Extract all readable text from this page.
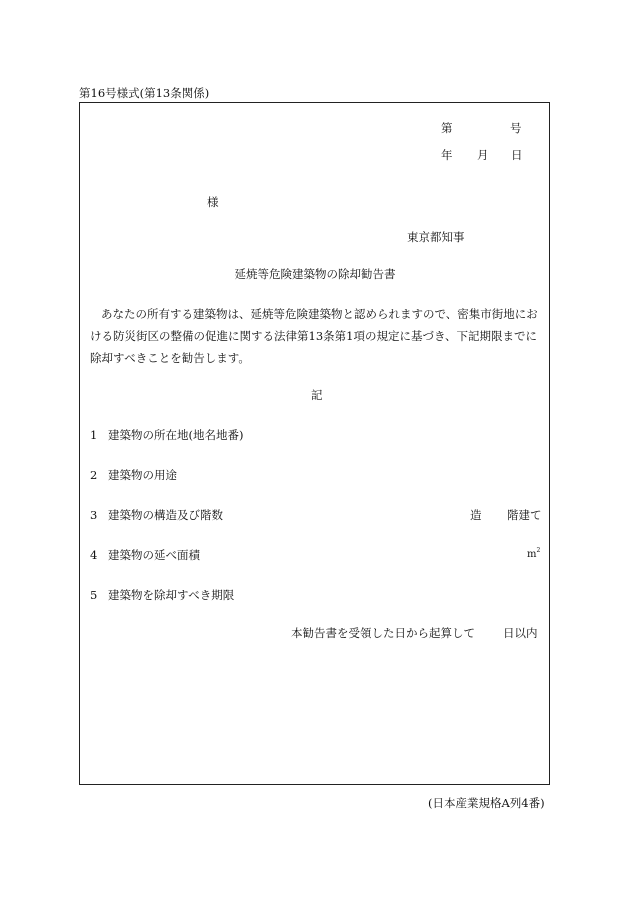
第16号様式(第13条関係)
第	号
年 月 日
様
東京都知事
延焼等危険建築物の除却勧告書
あなたの所有する建築物は、延焼等危険建築物と認められますので、密集市街地にお
ける防災街区の整備の促進に関する法律第13条第1項の規定に基づき、下記期限までに
除却すべきことを勧告します。
記
1 建築物の所在地(地名地番)
2 建築物の用途
3 建築物の構造及び階数
4 建築物の延べ面積
5 建築物を除却すべき期限
造 階建て
$m^2$
本勧告書を受領した日から起算して 日以内
(日本産業規格A列4番)
